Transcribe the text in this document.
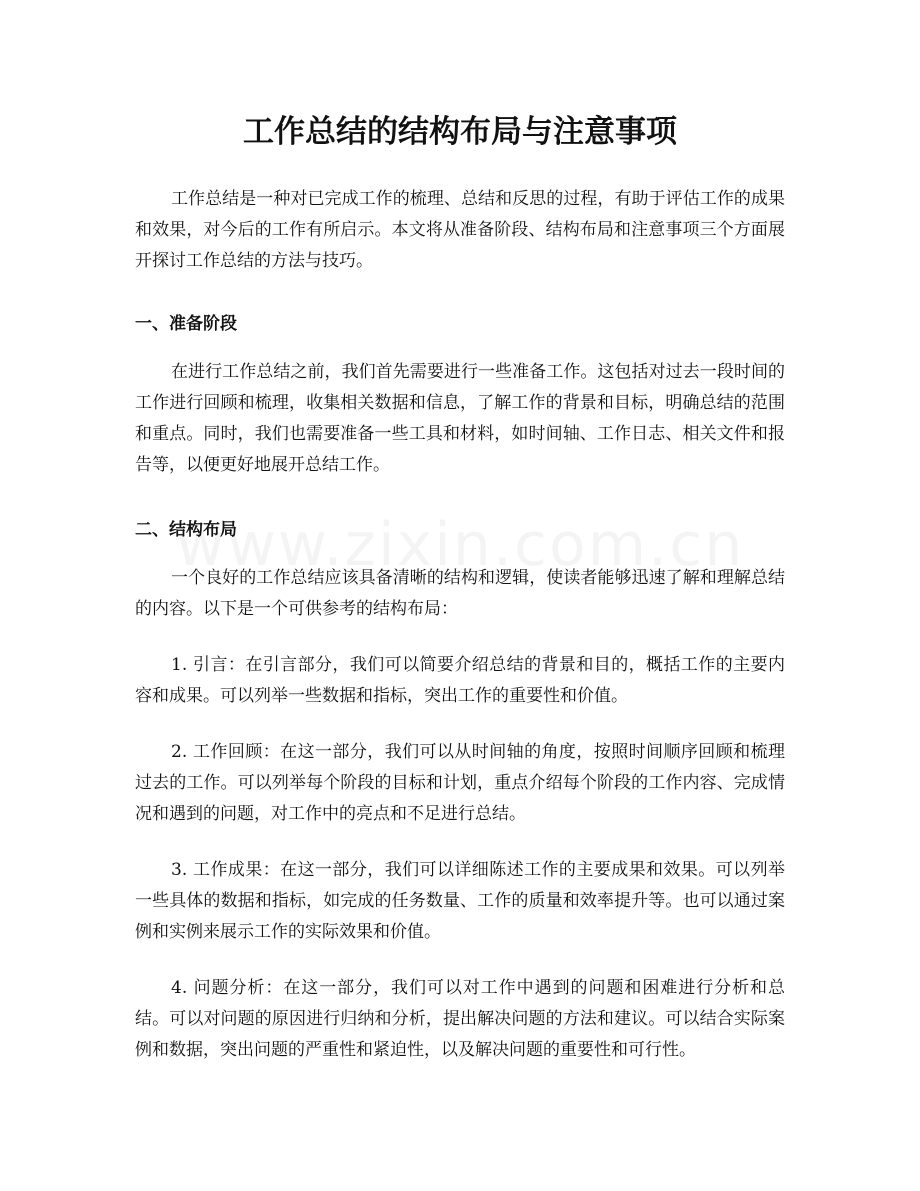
工作总结的结构布局与注意事项

工作总结是一种对已完成工作的梳理、总结和反思的过程，有助于评估工作的成果和效果，对今后的工作有所启示。本文将从准备阶段、结构布局和注意事项三个方面展开探讨工作总结的方法与技巧。

一、准备阶段

在进行工作总结之前，我们首先需要进行一些准备工作。这包括对过去一段时间的工作进行回顾和梳理，收集相关数据和信息，了解工作的背景和目标，明确总结的范围和重点。同时，我们也需要准备一些工具和材料，如时间轴、工作日志、相关文件和报告等，以便更好地展开总结工作。

二、结构布局

一个良好的工作总结应该具备清晰的结构和逻辑，使读者能够迅速了解和理解总结的内容。以下是一个可供参考的结构布局：

1. 引言：在引言部分，我们可以简要介绍总结的背景和目的，概括工作的主要内容和成果。可以列举一些数据和指标，突出工作的重要性和价值。

2. 工作回顾：在这一部分，我们可以从时间轴的角度，按照时间顺序回顾和梳理过去的工作。可以列举每个阶段的目标和计划，重点介绍每个阶段的工作内容、完成情况和遇到的问题，对工作中的亮点和不足进行总结。

3. 工作成果：在这一部分，我们可以详细陈述工作的主要成果和效果。可以列举一些具体的数据和指标，如完成的任务数量、工作的质量和效率提升等。也可以通过案例和实例来展示工作的实际效果和价值。

4. 问题分析：在这一部分，我们可以对工作中遇到的问题和困难进行分析和总结。可以对问题的原因进行归纳和分析，提出解决问题的方法和建议。可以结合实际案例和数据，突出问题的严重性和紧迫性，以及解决问题的重要性和可行性。
